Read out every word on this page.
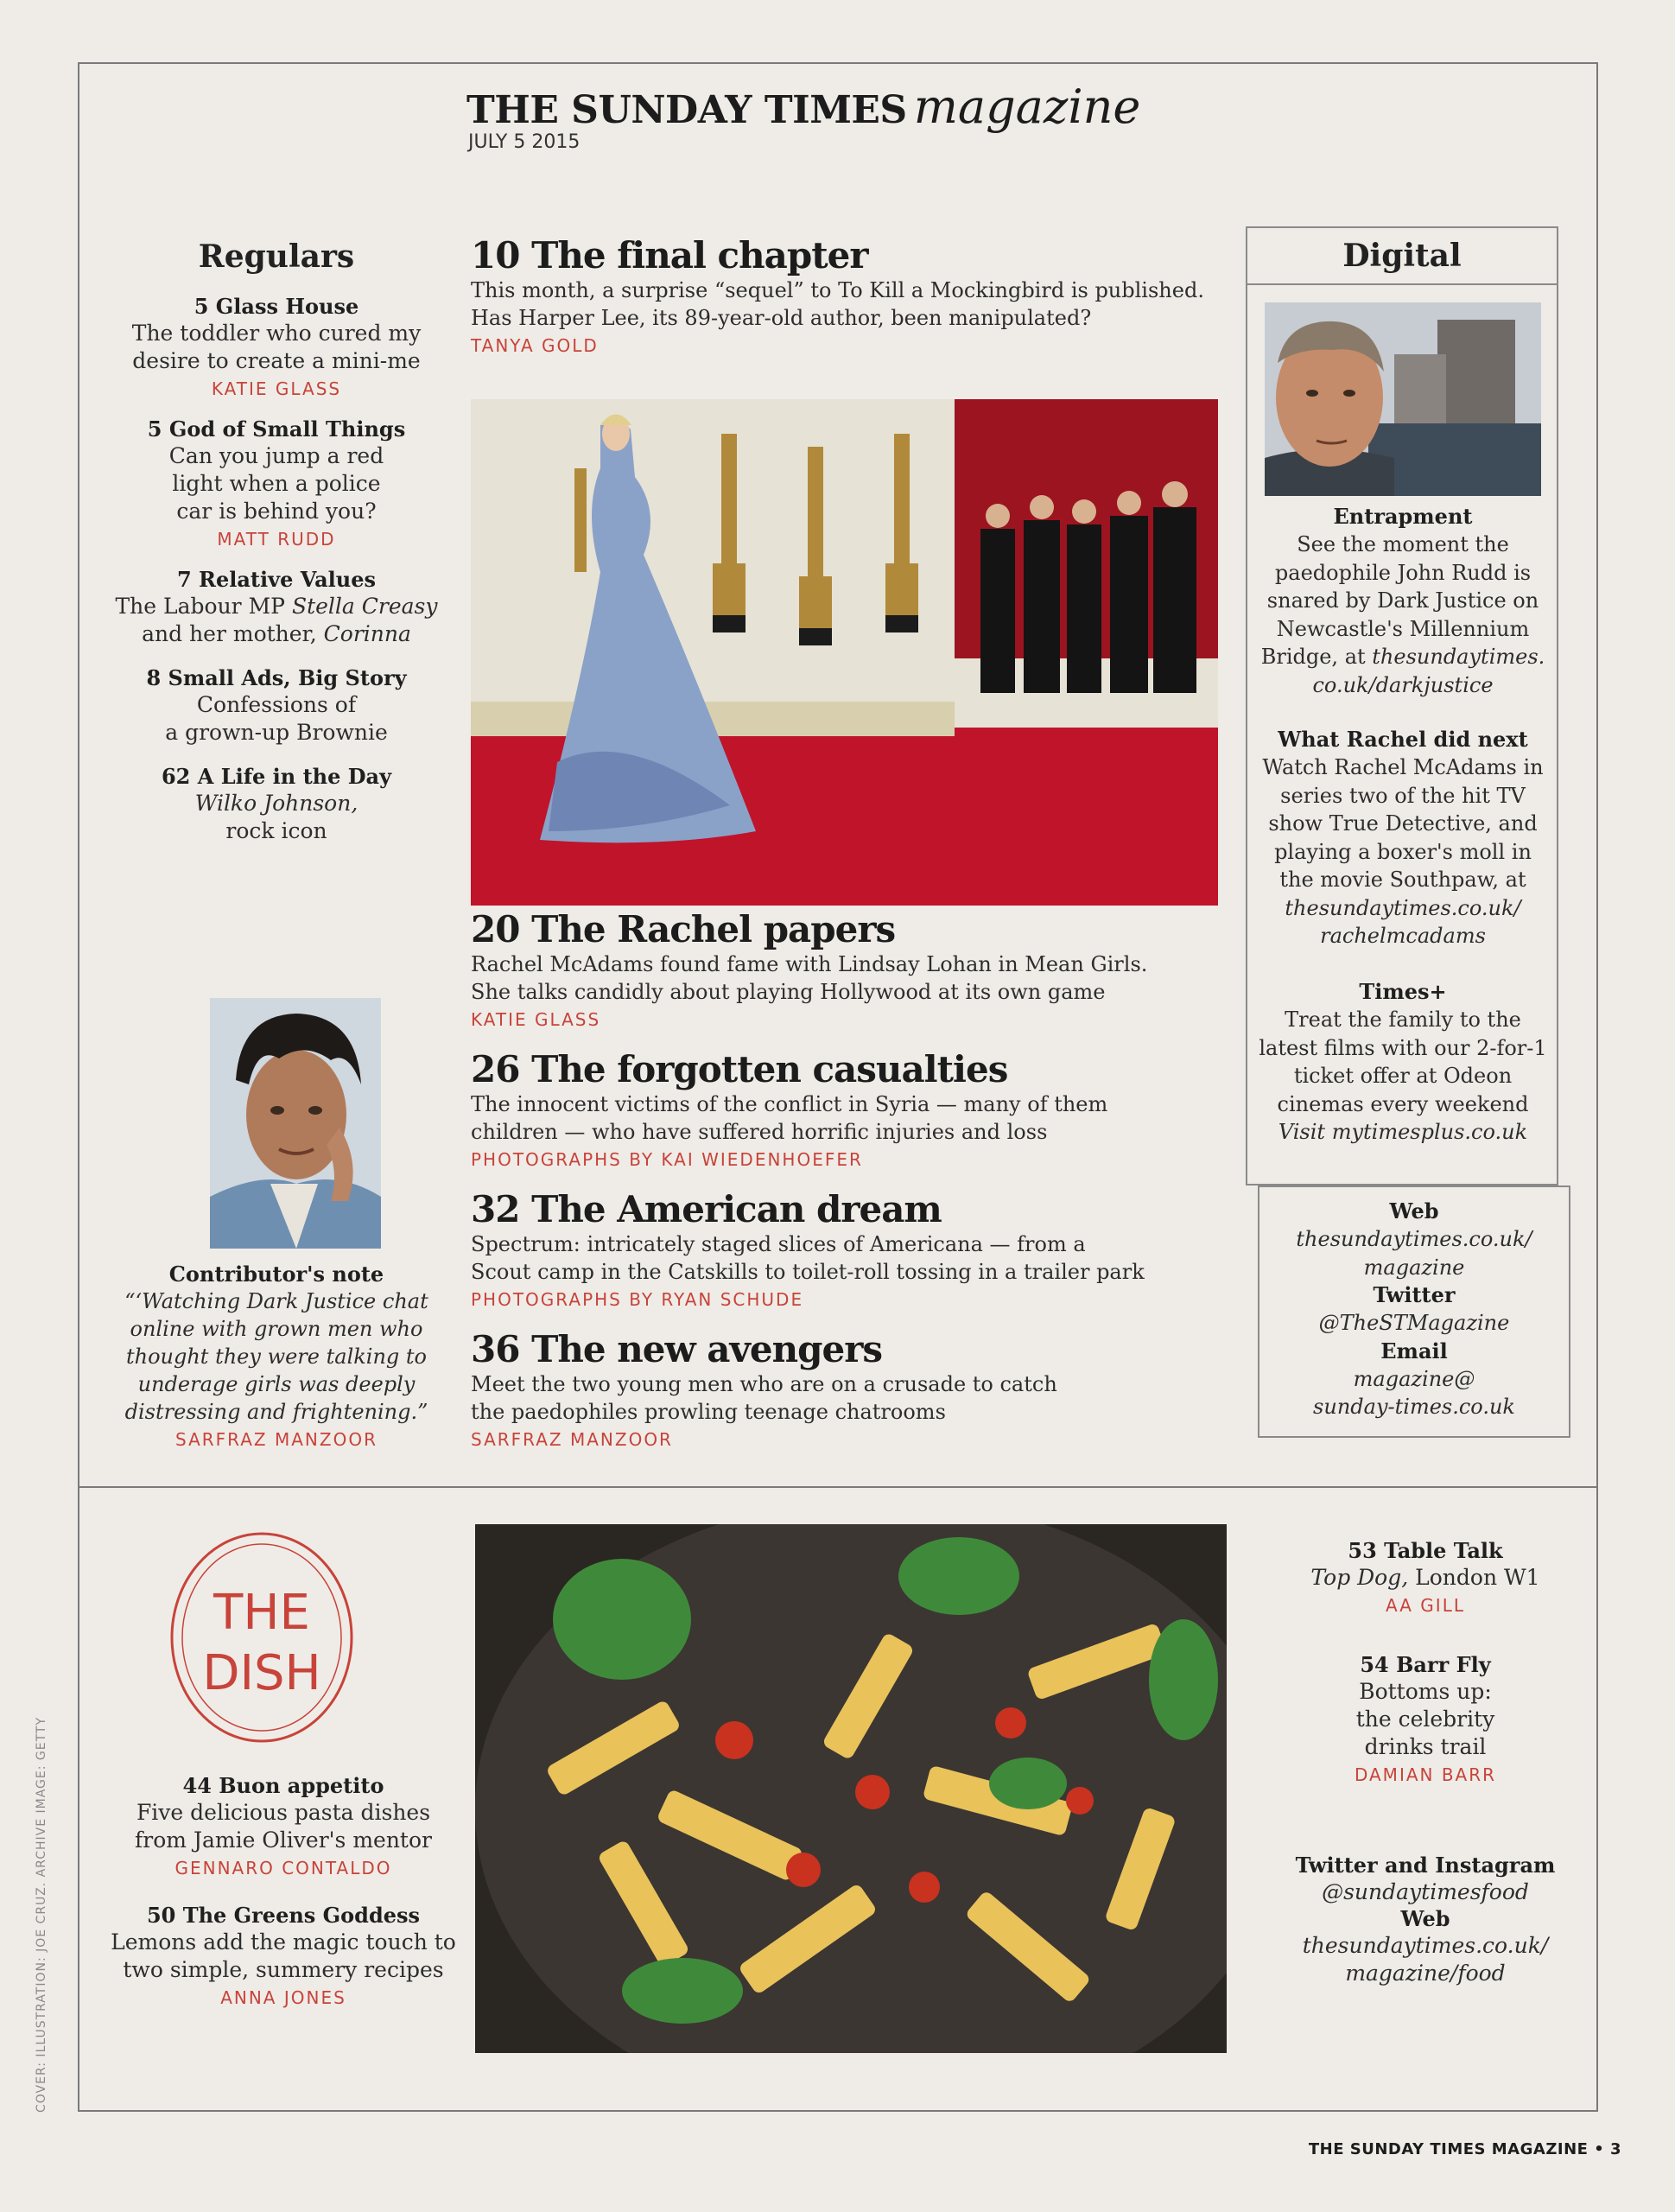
THE SUNDAY TIMES magazine
JULY 5 2015
Regulars
5 Glass House
The toddler who cured my
desire to create a mini-me
KATIE GLASS
5 God of Small Things
Can you jump a red
light when a police
car is behind you?
MATT RUDD
7 Relative Values
The Labour MP Stella Creasy
and her mother, Corinna
8 Small Ads, Big Story
Confessions of
a grown-up Brownie
62 A Life in the Day
Wilko Johnson,
rock icon
Contributor's note
“‘Watching Dark Justice chat
online with grown men who
thought they were talking to
underage girls was deeply
distressing and frightening.”
SARFRAZ MANZOOR
10 The final chapter
This month, a surprise “sequel” to To Kill a Mockingbird is published.
Has Harper Lee, its 89-year-old author, been manipulated?
TANYA GOLD
20 The Rachel papers
Rachel McAdams found fame with Lindsay Lohan in Mean Girls.
She talks candidly about playing Hollywood at its own game
KATIE GLASS
26 The forgotten casualties
The innocent victims of the conflict in Syria — many of them
children — who have suffered horrific injuries and loss
PHOTOGRAPHS BY KAI WIEDENHOEFER
32 The American dream
Spectrum: intricately staged slices of Americana — from a
Scout camp in the Catskills to toilet-roll tossing in a trailer park
PHOTOGRAPHS BY RYAN SCHUDE
36 The new avengers
Meet the two young men who are on a crusade to catch
the paedophiles prowling teenage chatrooms
SARFRAZ MANZOOR
Digital
Entrapment
See the moment the
paedophile John Rudd is
snared by Dark Justice on
Newcastle's Millennium
Bridge, at thesundaytimes.
co.uk/darkjustice
What Rachel did next
Watch Rachel McAdams in
series two of the hit TV
show True Detective, and
playing a boxer's moll in
the movie Southpaw, at
thesundaytimes.co.uk/
rachelmcadams
Times+
Treat the family to the
latest films with our 2-for-1
ticket offer at Odeon
cinemas every weekend
Visit mytimesplus.co.uk
Web
thesundaytimes.co.uk/
magazine
Twitter
@TheSTMagazine
Email
magazine@
sunday-times.co.uk
THE
DISH
44 Buon appetito
Five delicious pasta dishes
from Jamie Oliver's mentor
GENNARO CONTALDO
50 The Greens Goddess
Lemons add the magic touch to
two simple, summery recipes
ANNA JONES
53 Table Talk
Top Dog, London W1
AA GILL
54 Barr Fly
Bottoms up:
the celebrity
drinks trail
DAMIAN BARR
Twitter and Instagram
@sundaytimesfood
Web
thesundaytimes.co.uk/
magazine/food
COVER: ILLUSTRATION: JOE CRUZ. ARCHIVE IMAGE: GETTY
THE SUNDAY TIMES MAGAZINE • 3
